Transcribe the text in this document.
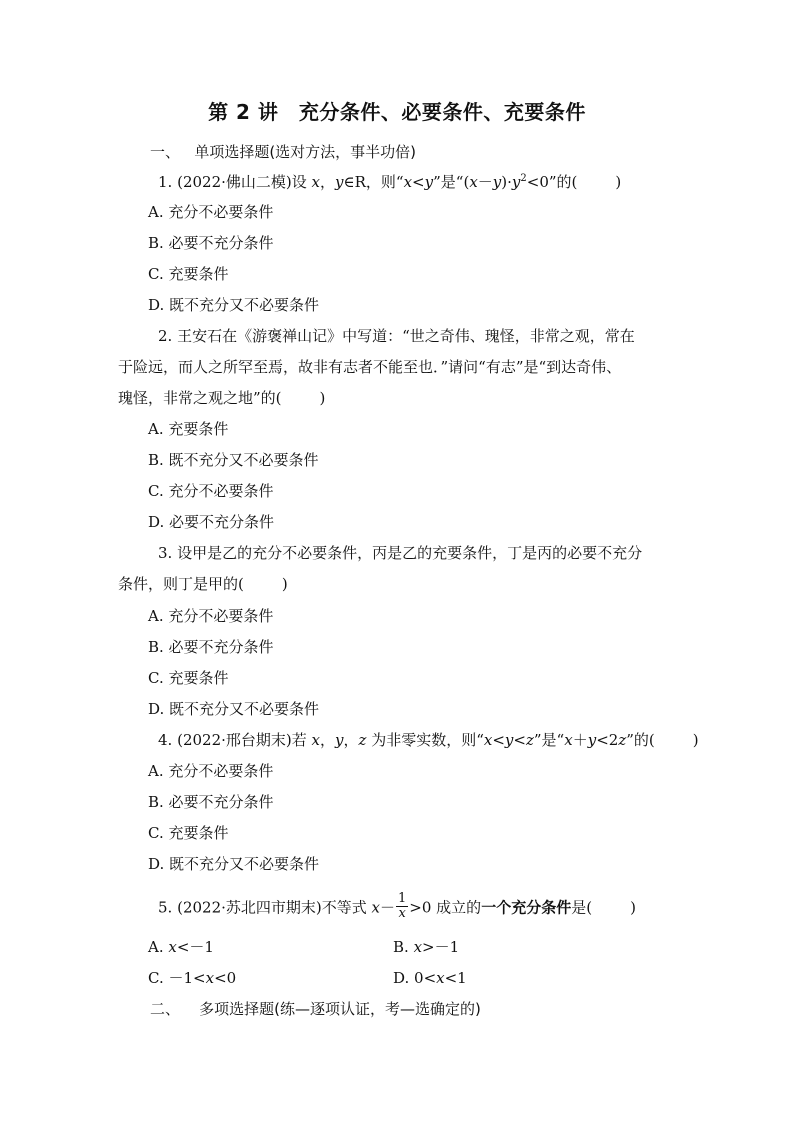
第 2 讲　充分条件、必要条件、充要条件
一、 单项选择题(选对方法，事半功倍)
1. (2022·佛山二模)设 x，y∈R，则“x<y”是“$(x-y)\cdot y^2<0$”的(	)
A. 充分不必要条件
B. 必要不充分条件
C. 充要条件
D. 既不充分又不必要条件
2. 王安石在《游褒禅山记》中写道：“世之奇伟、瑰怪，非常之观，常在
于险远，而人之所罕至焉，故非有志者不能至也．”请问“有志”是“到达奇伟、
瑰怪，非常之观之地”的(	)
A. 充要条件
B. 既不充分又不必要条件
C. 充分不必要条件
D. 必要不充分条件
3. 设甲是乙的充分不必要条件，丙是乙的充要条件，丁是丙的必要不充分
条件，则丁是甲的(	)
A. 充分不必要条件
B. 必要不充分条件
C. 充要条件
D. 既不充分又不必要条件
4. (2022·邢台期末)若 x，y，z 为非零实数，则“x<y<z”是“x＋y<2z”的(	)
A. 充分不必要条件
B. 必要不充分条件
C. 充要条件
D. 既不充分又不必要条件
5. (2022·苏北四市期末)不等式 $x- \frac{1}{x} >0$ 成立的一个充分条件是(	)
A. x<－1	B. x>－1
C. －1<x<0	D. 0<x<1
二、 多项选择题(练—逐项认证，考—选确定的)
